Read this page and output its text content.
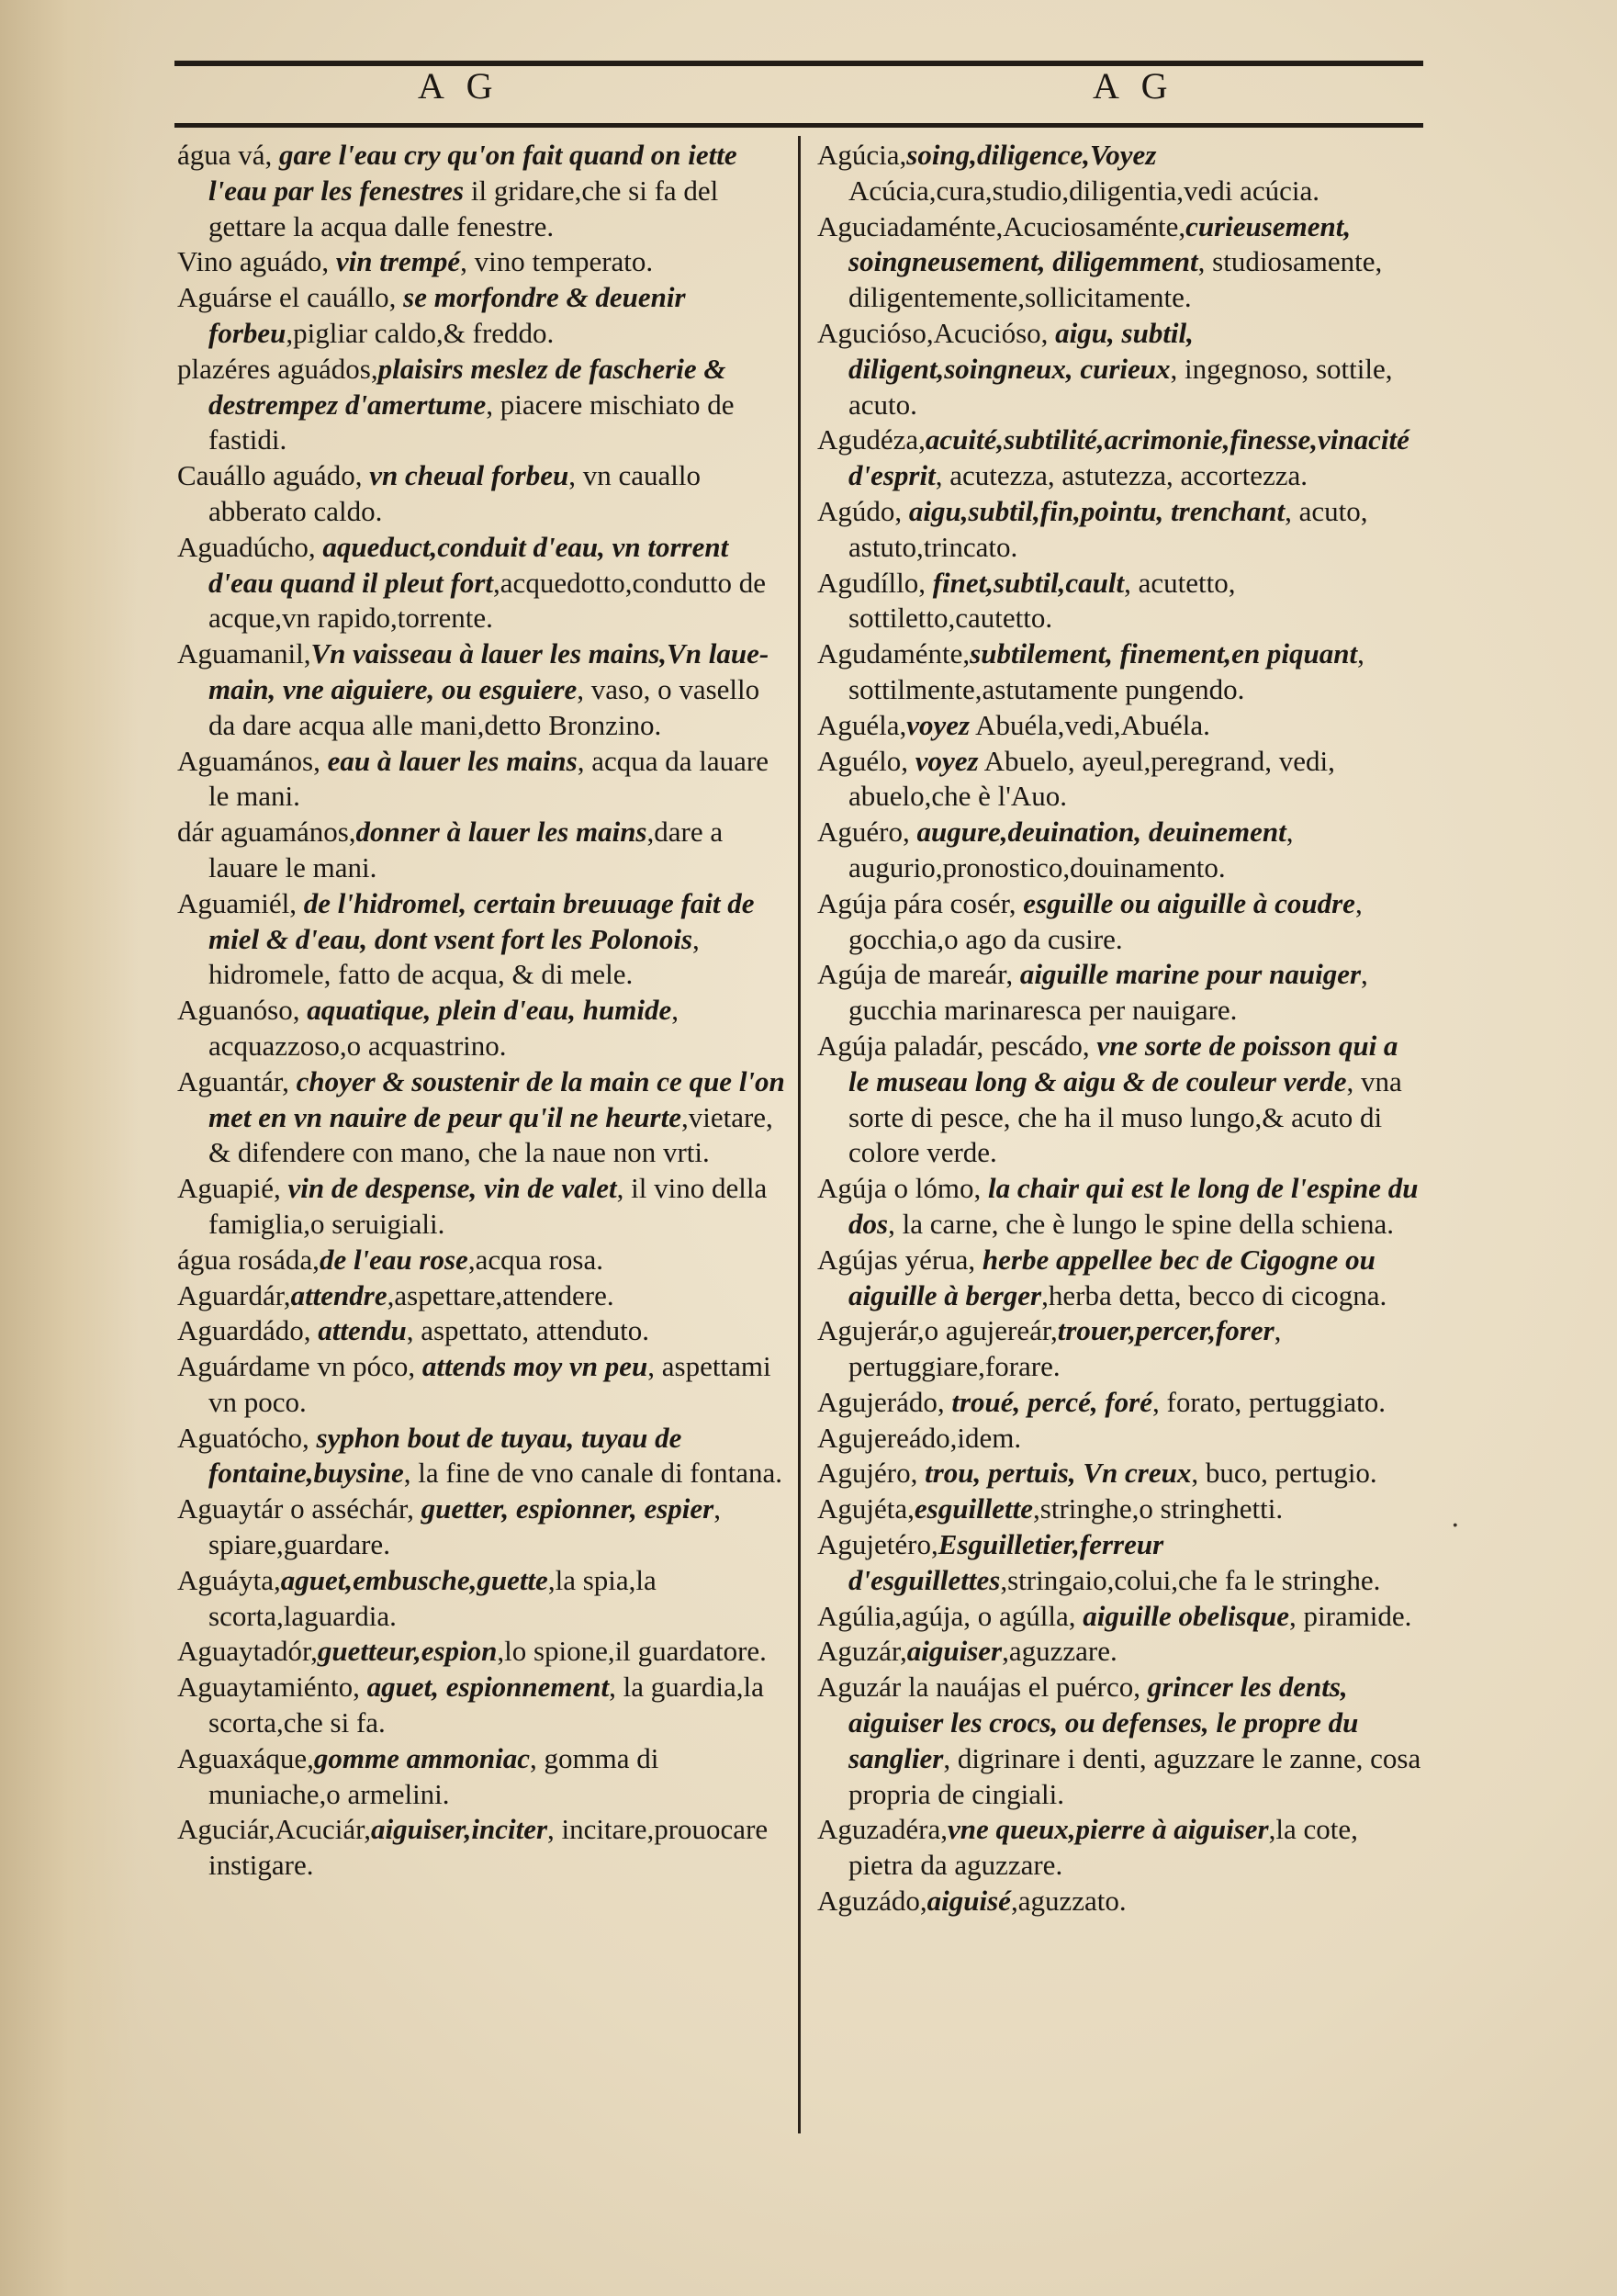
A G	A G
água vá, gare l'eau cry qu'on fait quand on iette l'eau par les fenestres il gridare,che si fa del gettare la acqua dalle fenestre.
Vino aguádo, vin trempé, vino temperato.
Aguárse el cauállo, se morfondre & deuenir forbeu,pigliar caldo,& freddo.
plazéres aguádos,plaisirs meslez de fascherie & destrempez d'amertume, piacere mischiato de fastidi.
Cauállo aguádo, vn cheual forbeu, vn cauallo abberato caldo.
Aguadúcho, aqueduct,conduit d'eau, vn torrent d'eau quand il pleut fort,acquedotto,condutto de acque,vn rapido,torrente.
Aguamanil,Vn vaisseau à lauer les mains,Vn laue-main, vne aiguiere, ou esguiere, vaso, o vasello da dare acqua alle mani,detto Bronzino.
Aguamános, eau à lauer les mains, acqua da lauare le mani.
dár aguamános,donner à lauer les mains,dare a lauare le mani.
Aguamiél, de l'hidromel, certain breuuage fait de miel & d'eau, dont vsent fort les Polonois, hidromele, fatto de acqua, & di mele.
Aguanóso, aquatique, plein d'eau, humide, acquazzoso,o acquastrino.
Aguantár, choyer & soustenir de la main ce que l'on met en vn nauire de peur qu'il ne heurte,vietare, & difendere con mano, che la naue non vrti.
Aguapié, vin de despense, vin de valet, il vino della famiglia,o seruigiali.
água rosáda,de l'eau rose,acqua rosa.
Aguardár,attendre,aspettare,attendere.
Aguardádo, attendu, aspettato, attenduto.
Aguárdame vn póco, attends moy vn peu, aspettami vn poco.
Aguatócho, syphon bout de tuyau, tuyau de fontaine,buysine, la fine de vno canale di fontana.
Aguaytár o asséchár, guetter, espionner, espier, spiare,guardare.
Aguáyta,aguet,embusche,guette,la spia,la scorta,laguardia.
Aguaytadór,guetteur,espion,lo spione,il guardatore.
Aguaytamiénto, aguet, espionnement, la guardia,la scorta,che si fa.
Aguaxáque,gomme ammoniac, gomma di muniache,o armelini.
Aguciár,Acuciár,aiguiser,inciter, incitare,prouocare instigare.
Agúcia,soing,diligence,Voyez Acúcia,cura,studio,diligentia,vedi acúcia.
Aguciadaménte,Acuciosaménte,curieusement, soingneusement, diligemment, studiosamente, diligentemente,sollicitamente.
Aguciósо,Acucióso, aigu, subtil, diligent,soingneux, curieux, ingegnoso, sottile, acuto.
Agudéza,acuité,subtilité,acrimonie,finesse,vinacité d'esprit, acutezza, astutezza, accortezza.
Agúdo, aigu,subtil,fin,pointu, trenchant, acuto, astuto,trincato.
Agudíllo, finet,subtil,cault, acutetto, sottiletto,cautetto.
Agudaménte,subtilement, finement,en piquant, sottilmente,astutamente pungendo.
Aguéla,voyez Abuéla,vedi,Abuéla.
Aguélo, voyez Abuelo, ayeul,peregrand, vedi, abuelo,che è l'Auo.
Aguéro, augure,deuination, deuinement, augurio,pronostico,douinamento.
Agúja pára cosér, esguille ou aiguille à coudre, gocchia,o ago da cusire.
Agúja de mareár, aiguille marine pour nauiger, gucchia marinaresca per nauigare.
Agúja paladár, pescádo, vne sorte de poisson qui a le museau long & aigu & de couleur verde, vna sorte di pesce, che ha il muso lungo,& acuto di colore verde.
Agúja o lómo, la chair qui est le long de l'espine du dos, la carne, che è lungo le spine della schiena.
Agújas yérua, herbe appellee bec de Cigogne ou aiguille à berger,herba detta, becco di cicogna.
Agujerár,o agujereár,trouer,percer,forer, pertuggiare,forare.
Agujerádo, troué, percé, foré, forato, pertuggiato.
Agujereádo,idem.
Agujéro, trou, pertuis, Vn creux, buco, pertugio.
Agujéta,esguillette,stringhe,o stringhetti.
Agujetéro,Esguilletier,ferreur d'esguillettes,stringaio,colui,che fa le stringhe.
Agúlia,agúja, o agúlla, aiguille obelisque, piramide.
Aguzár,aiguiser,aguzzare.
Aguzár la nauájas el puérco, grincer les dents, aiguiser les crocs, ou defenses, le propre du sanglier, digrinare i denti, aguzzare le zanne, cosa propria de cingiali.
Aguzadéra,vne queux,pierre à aiguiser,la cote, pietra da aguzzare.
Aguzádo,aiguisé,aguzzato.
.
